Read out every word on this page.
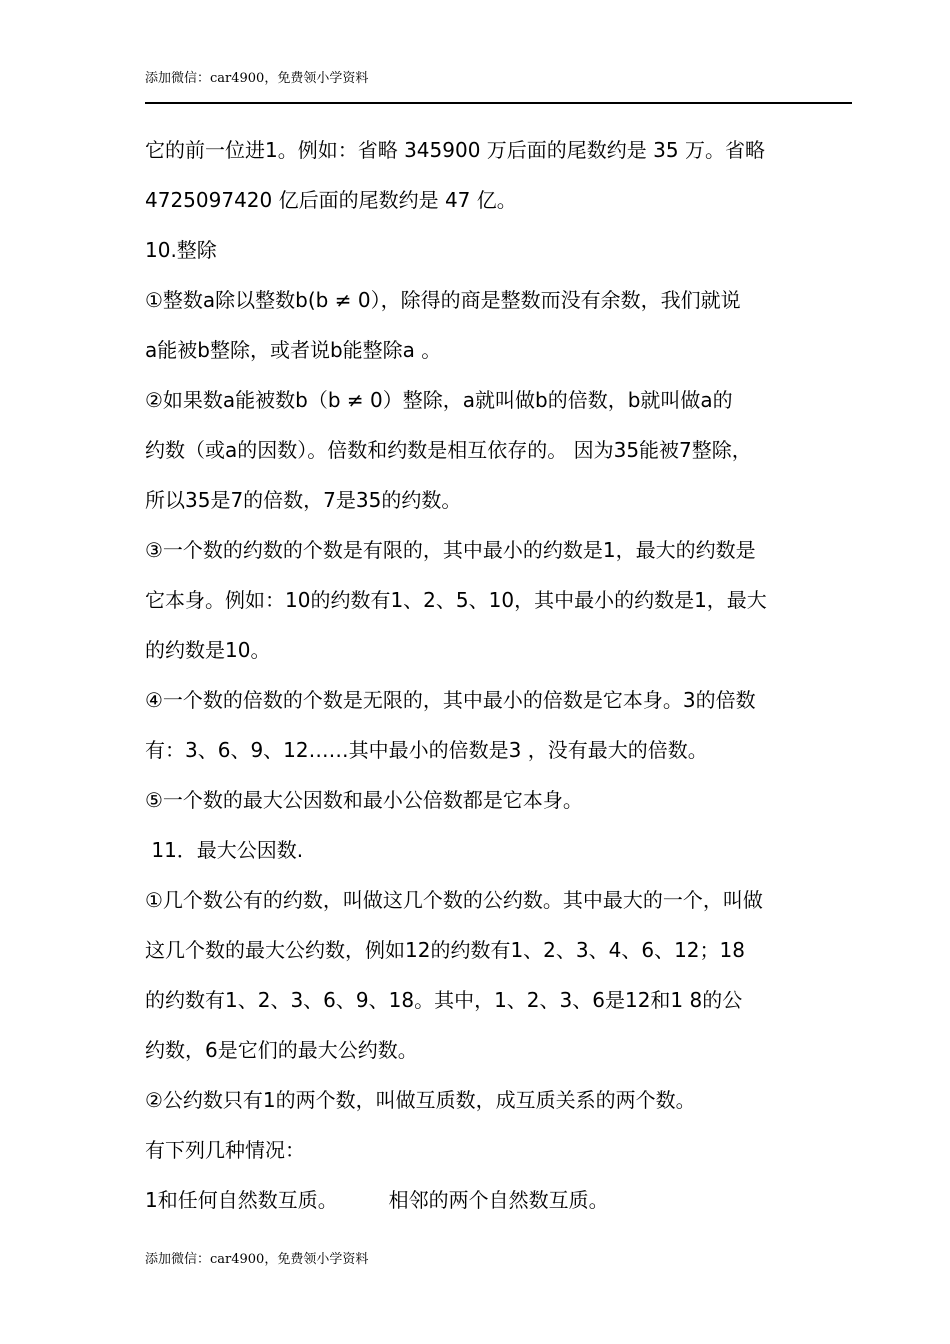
添加微信：car4900，免费领小学资料
它的前一位进1。例如：省略 345900 万后面的尾数约是 35 万。省略
4725097420 亿后面的尾数约是 47 亿。
10.整除
①整数a除以整数b(b ≠ 0），除得的商是整数而没有余数，我们就说
a能被b整除，或者说b能整除a 。
②如果数a能被数b（b ≠ 0）整除，a就叫做b的倍数，b就叫做a的
约数（或a的因数）。倍数和约数是相互依存的。 因为35能被7整除，
所以35是7的倍数，7是35的约数。
③一个数的约数的个数是有限的，其中最小的约数是1，最大的约数是
它本身。例如：10的约数有1、2、5、10，其中最小的约数是1，最大
的约数是10。
④一个数的倍数的个数是无限的，其中最小的倍数是它本身。3的倍数
有：3、6、9、12……其中最小的倍数是3 ，没有最大的倍数。
⑤一个数的最大公因数和最小公倍数都是它本身。
11．最大公因数.
①几个数公有的约数，叫做这几个数的公约数。其中最大的一个，叫做
这几个数的最大公约数，例如12的约数有1、2、3、4、6、12；18
的约数有1、2、3、6、9、18。其中，1、2、3、6是12和1 8的公
约数，6是它们的最大公约数。
②公约数只有1的两个数，叫做互质数，成互质关系的两个数。
有下列几种情况：
1和任何自然数互质。        相邻的两个自然数互质。
添加微信：car4900，免费领小学资料
